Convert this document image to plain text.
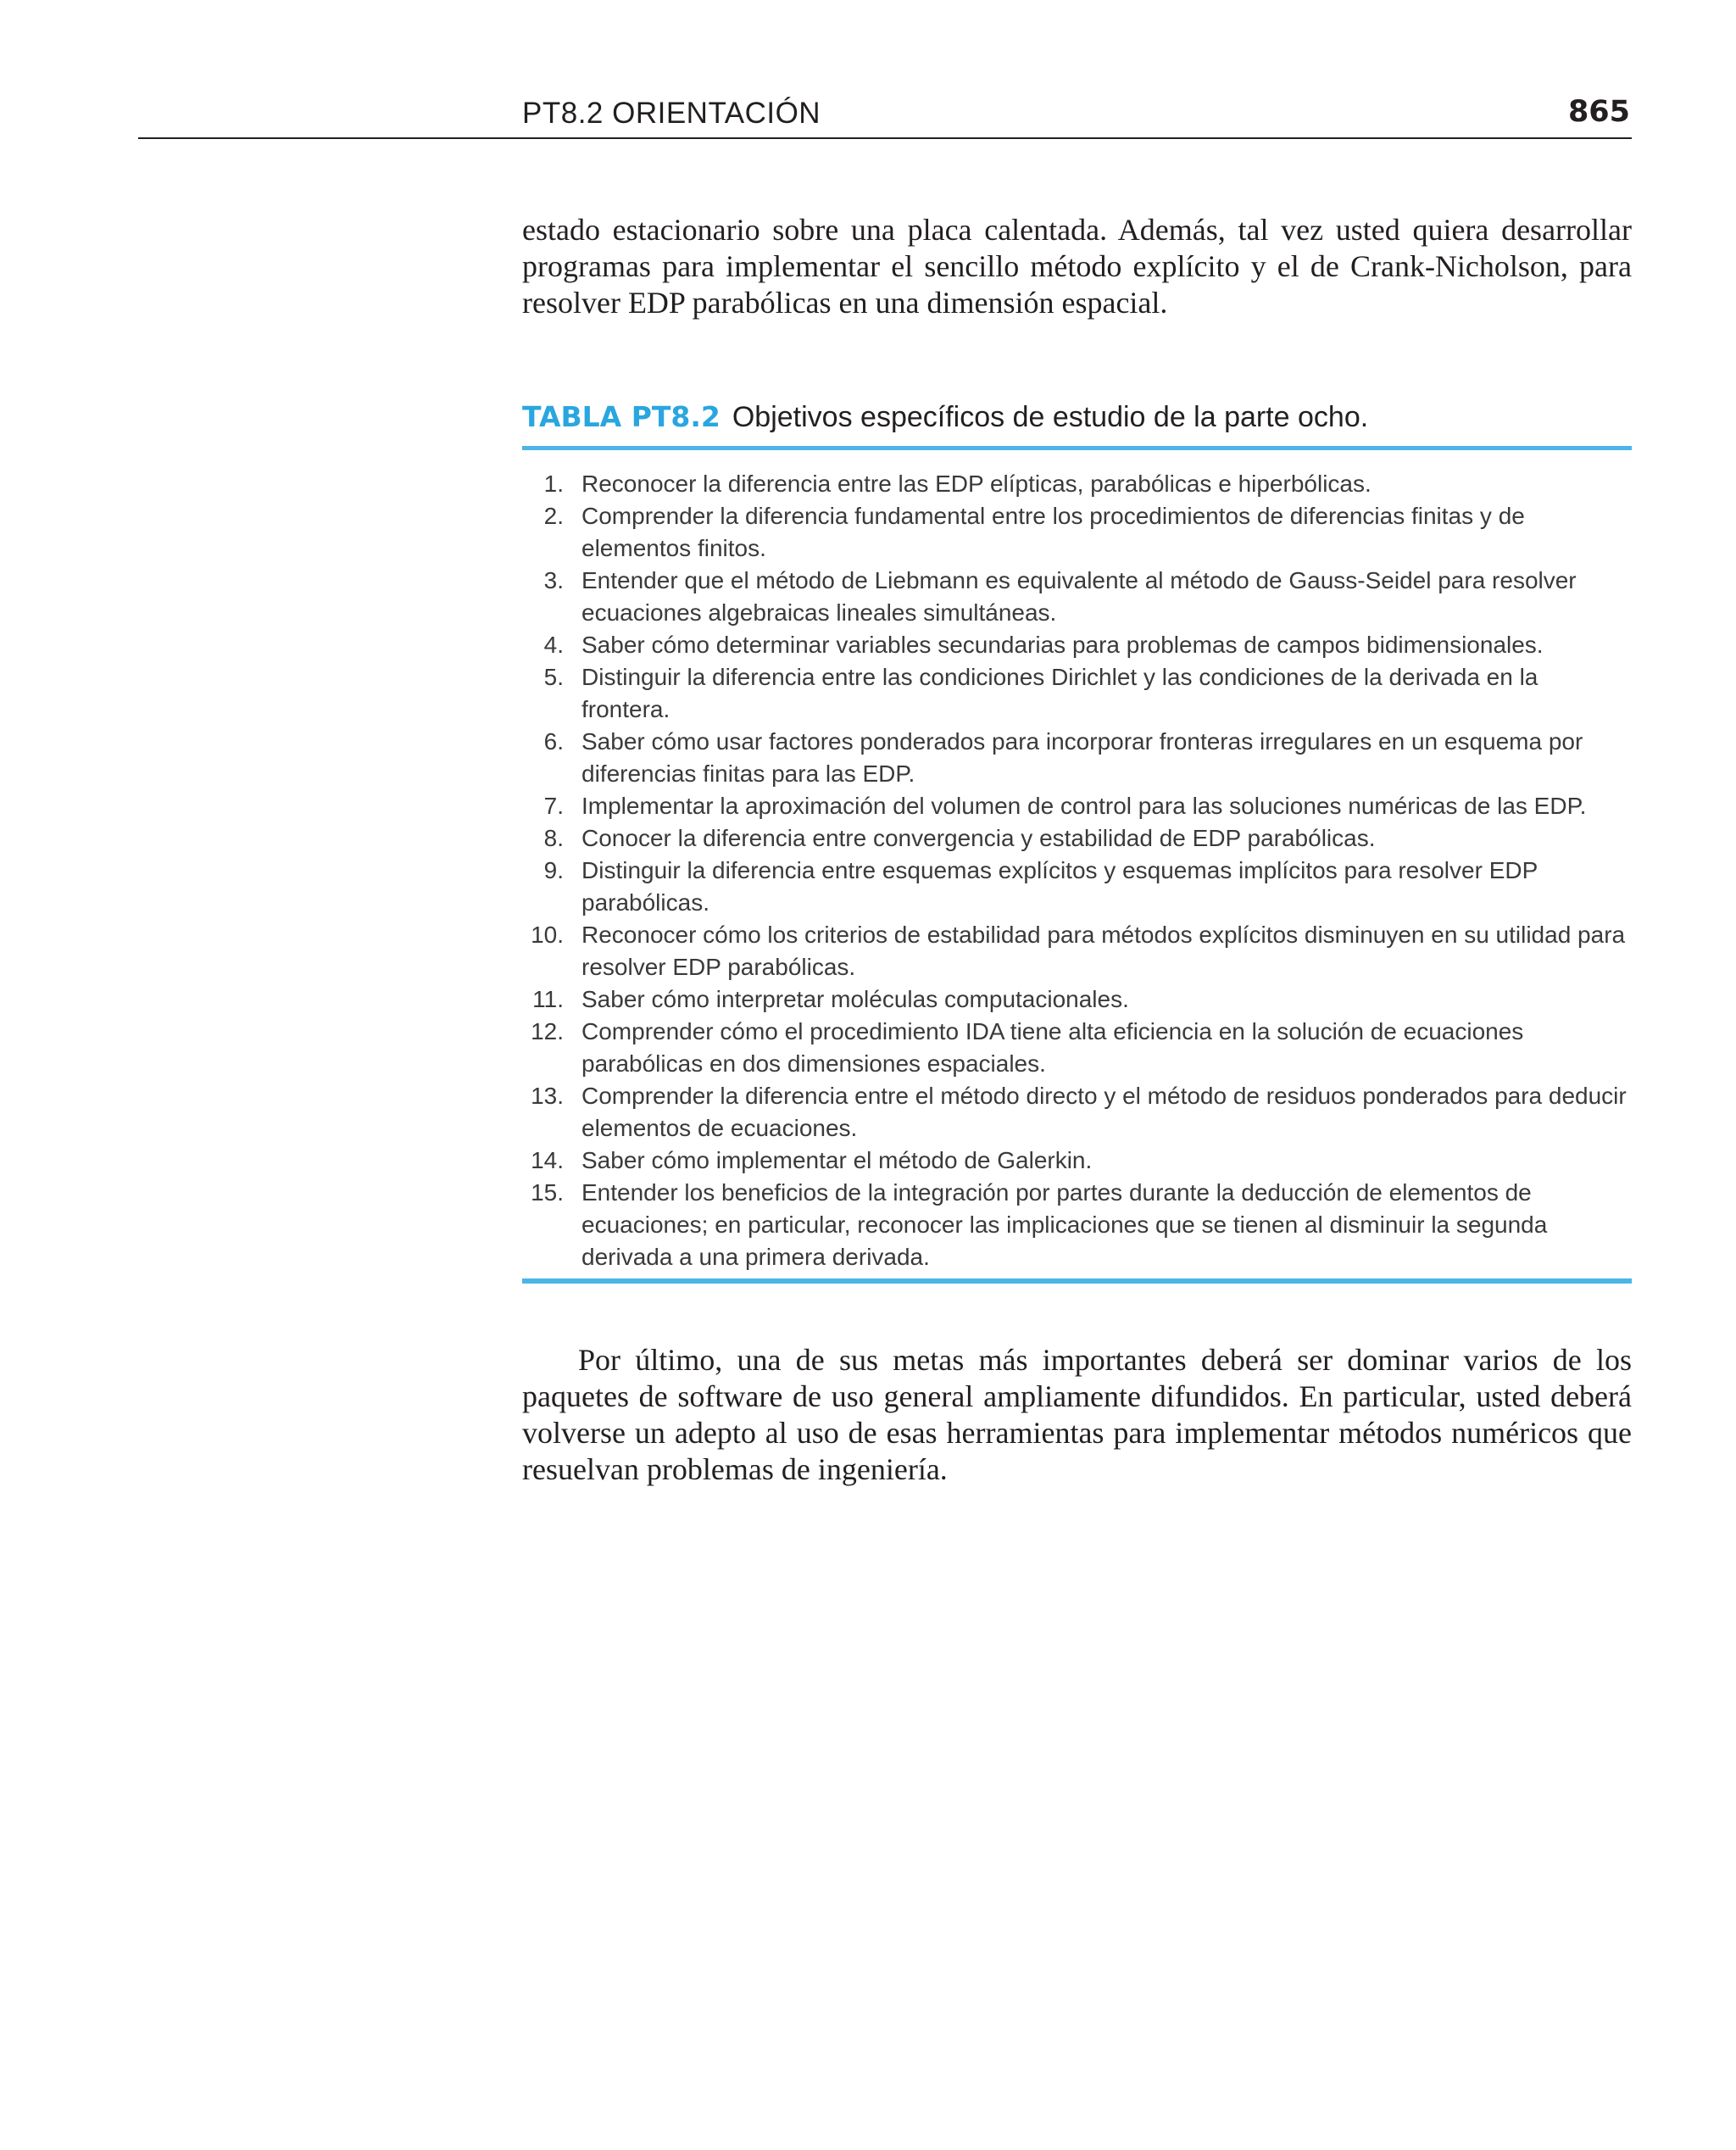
PT8.2 ORIENTACIÓN	865

estado estacionario sobre una placa calentada. Además, tal vez usted quiera desarrollar programas para implementar el sencillo método explícito y el de Crank-Nicholson, para resolver EDP parabólicas en una dimensión espacial.

TABLA PT8.2 Objetivos específicos de estudio de la parte ocho.
1. Reconocer la diferencia entre las EDP elípticas, parabólicas e hiperbólicas.
2. Comprender la diferencia fundamental entre los procedimientos de diferencias finitas y de elementos finitos.
3. Entender que el método de Liebmann es equivalente al método de Gauss-Seidel para resolver ecuaciones algebraicas lineales simultáneas.
4. Saber cómo determinar variables secundarias para problemas de campos bidimensionales.
5. Distinguir la diferencia entre las condiciones Dirichlet y las condiciones de la derivada en la frontera.
6. Saber cómo usar factores ponderados para incorporar fronteras irregulares en un esquema por diferencias finitas para las EDP.
7. Implementar la aproximación del volumen de control para las soluciones numéricas de las EDP.
8. Conocer la diferencia entre convergencia y estabilidad de EDP parabólicas.
9. Distinguir la diferencia entre esquemas explícitos y esquemas implícitos para resolver EDP parabólicas.
10. Reconocer cómo los criterios de estabilidad para métodos explícitos disminuyen en su utilidad para resolver EDP parabólicas.
11. Saber cómo interpretar moléculas computacionales.
12. Comprender cómo el procedimiento IDA tiene alta eficiencia en la solución de ecuaciones parabólicas en dos dimensiones espaciales.
13. Comprender la diferencia entre el método directo y el método de residuos ponderados para deducir elementos de ecuaciones.
14. Saber cómo implementar el método de Galerkin.
15. Entender los beneficios de la integración por partes durante la deducción de elementos de ecuaciones; en particular, reconocer las implicaciones que se tienen al disminuir la segunda derivada a una primera derivada.

Por último, una de sus metas más importantes deberá ser dominar varios de los paquetes de software de uso general ampliamente difundidos. En particular, usted deberá volverse un adepto al uso de esas herramientas para implementar métodos numéricos que resuelvan problemas de ingeniería.
